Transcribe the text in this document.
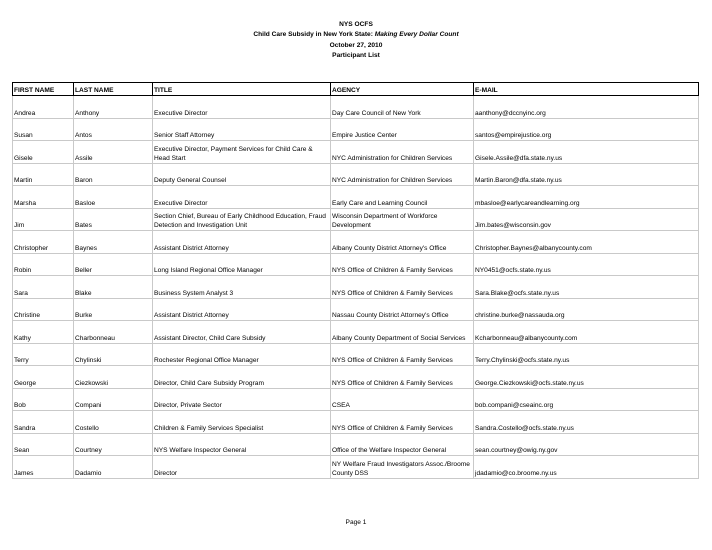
NYS OCFS
Child Care Subsidy in New York State: Making Every Dollar Count
October 27, 2010
Participant List
FIRST NAME	LAST NAME	TITLE	AGENCY	E-MAIL
Andrea	Anthony	Executive Director	Day Care Council of New York	aanthony@dccnyinc.org
Susan	Antos	Senior Staff Attorney	Empire Justice Center	santos@empirejustice.org
Gisele	Assile	Executive Director, Payment Services for Child Care & Head Start	NYC Administration for Children Services	Gisele.Assile@dfa.state.ny.us
Martin	Baron	Deputy General Counsel	NYC Administration for Children Services	Martin.Baron@dfa.state.ny.us
Marsha	Basloe	Executive Director	Early Care and Learning Council	mbasloe@earlycareandlearning.org
Jim	Bates	Section Chief, Bureau of Early Childhood Education, Fraud Detection and Investigation Unit	Wisconsin Department of Workforce Development	Jim.bates@wisconsin.gov
Christopher	Baynes	Assistant District Attorney	Albany County District Attorney's Office	Christopher.Baynes@albanycounty.com
Robin	Beller	Long Island Regional Office Manager	NYS Office of Children & Family Services	NY0451@ocfs.state.ny.us
Sara	Blake	Business System Analyst 3	NYS Office of Children & Family Services	Sara.Blake@ocfs.state.ny.us
Christine	Burke	Assistant District Attorney	Nassau County District Attorney's Office	christine.burke@nassauda.org
Kathy	Charbonneau	Assistant Director, Child Care Subsidy	Albany County Department of Social Services	Kcharbonneau@albanycounty.com
Terry	Chylinski	Rochester Regional Office Manager	NYS Office of Children & Family Services	Terry.Chylinski@ocfs.state.ny.us
George	Ciezkowski	Director, Child Care Subsidy Program	NYS Office of Children & Family Services	George.Ciezkowski@ocfs.state.ny.us
Bob	Compani	Director, Private Sector	CSEA	bob.compani@cseainc.org
Sandra	Costello	Children & Family Services Specialist	NYS Office of Children & Family Services	Sandra.Costello@ocfs.state.ny.us
Sean	Courtney	NYS Welfare Inspector General	Office of the Welfare Inspector General	sean.courtney@owig.ny.gov
James	Dadamio	Director	NY Welfare Fraud Investigators Assoc./Broome County DSS	jdadamio@co.broome.ny.us
Page 1
